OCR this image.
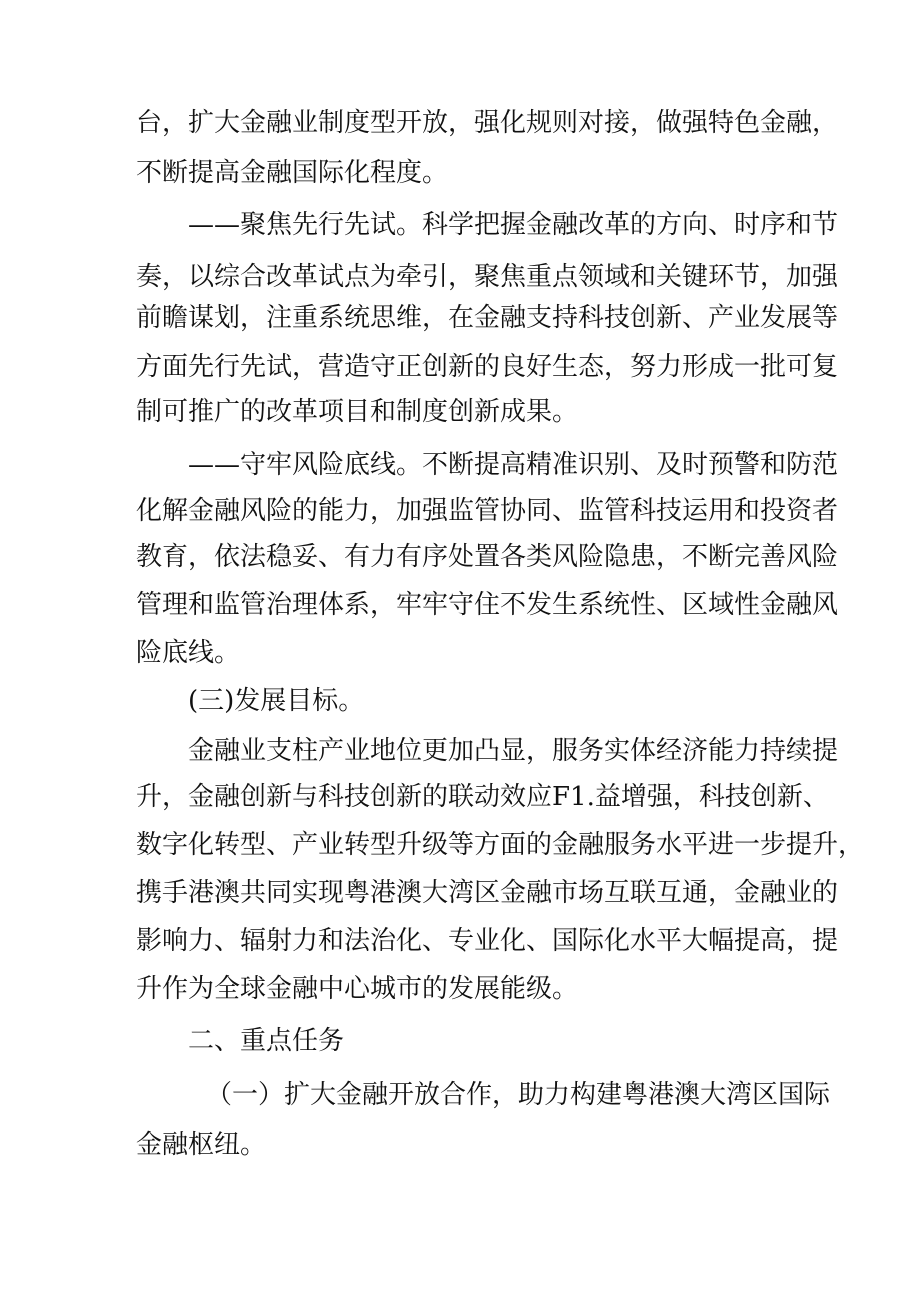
台，扩大金融业制度型开放，强化规则对接，做强特色金融，
不断提高金融国际化程度。
——聚焦先行先试。科学把握金融改革的方向、时序和节
奏，以综合改革试点为牵引，聚焦重点领域和关键环节，加强
前瞻谋划，注重系统思维，在金融支持科技创新、产业发展等
方面先行先试，营造守正创新的良好生态，努力形成一批可复
制可推广的改革项目和制度创新成果。
——守牢风险底线。不断提高精准识别、及时预警和防范
化解金融风险的能力，加强监管协同、监管科技运用和投资者
教育，依法稳妥、有力有序处置各类风险隐患，不断完善风险
管理和监管治理体系，牢牢守住不发生系统性、区域性金融风
险底线。
(三)发展目标。
金融业支柱产业地位更加凸显，服务实体经济能力持续提
升，金融创新与科技创新的联动效应F1.益增强，科技创新、
数字化转型、产业转型升级等方面的金融服务水平进一步提升，
携手港澳共同实现粤港澳大湾区金融市场互联互通，金融业的
影响力、辐射力和法治化、专业化、国际化水平大幅提高，提
升作为全球金融中心城市的发展能级。
二、重点任务
（一）扩大金融开放合作，助力构建粤港澳大湾区国际
金融枢纽。
